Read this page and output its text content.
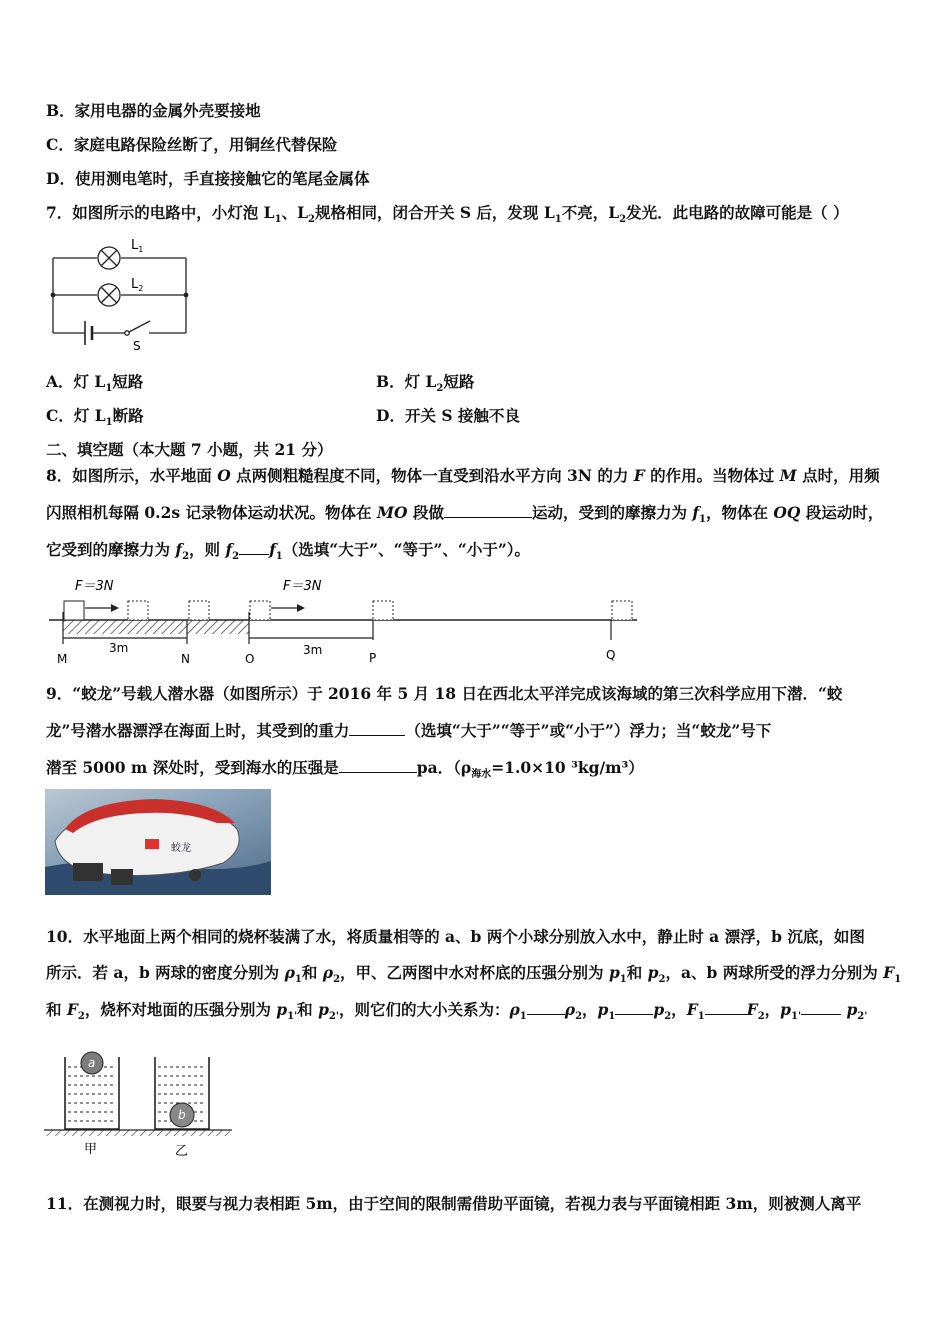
B．家用电器的金属外壳要接地
C．家庭电路保险丝断了，用铜丝代替保险
D．使用测电笔时，手直接接触它的笔尾金属体
7．如图所示的电路中，小灯泡 $L_1$、$L_2$规格相同，闭合开关 S 后，发现 $L_1$不亮，$L_2$发光．此电路的故障可能是（ ）
$L_1$
$L_2$
S
A．灯 $L_1$短路	B．灯 $L_2$短路
C．灯 $L_1$断路	D．开关 S 接触不良
二、填空题（本大题 7 小题，共 21 分）
8．如图所示，水平地面 O 点两侧粗糙程度不同，物体一直受到沿水平方向 3N 的力 F 的作用。当物体过 M 点时，用频
闪照相机每隔 0.2s 记录物体运动状况。物体在 MO 段做	运动，受到的摩擦力为 $f_1$，物体在 OQ 段运动时，
它受到的摩擦力为 $f_2$，则 $f_2$ $f_1$（选填“大于”、“等于”、“小于”）。
F＝3N	F＝3N
3m	3m
M	N	O	P	Q
9．“蛟龙”号载人潜水器（如图所示）于 2016 年 5 月 18 日在西北太平洋完成该海域的第三次科学应用下潜．“蛟
龙”号潜水器漂浮在海面上时，其受到的重力	（选填“大于”“等于”或“小于”）浮力；当“蛟龙”号下
潜至 5000 m 深处时，受到海水的压强是	pa．（$\rho_{海水}=1.0\times 10$ ³kg/m³）
蛟龙
10．水平地面上两个相同的烧杯装满了水，将质量相等的 a、b 两个小球分别放入水中，静止时 a 漂浮，b 沉底，如图
所示．若 a，b 两球的密度分别为 $\rho_1$和 $\rho_2$，甲、乙两图中水对杯底的压强分别为 $p_1$和 $p_2$，a、b 两球所受的浮力分别为 $F_1$
和 $F_2$，烧杯对地面的压强分别为 $p_{1'}$和 $p_{2'}$，则它们的大小关系为：$\rho_1$ $\rho_2$，$p_1$ $p_2$，$F_1$	$F_2$，$p_{1'}$	$p_{2'}$
a
b
甲	乙
11．在测视力时，眼要与视力表相距 5m，由于空间的限制需借助平面镜，若视力表与平面镜相距 3m，则被测人离平
